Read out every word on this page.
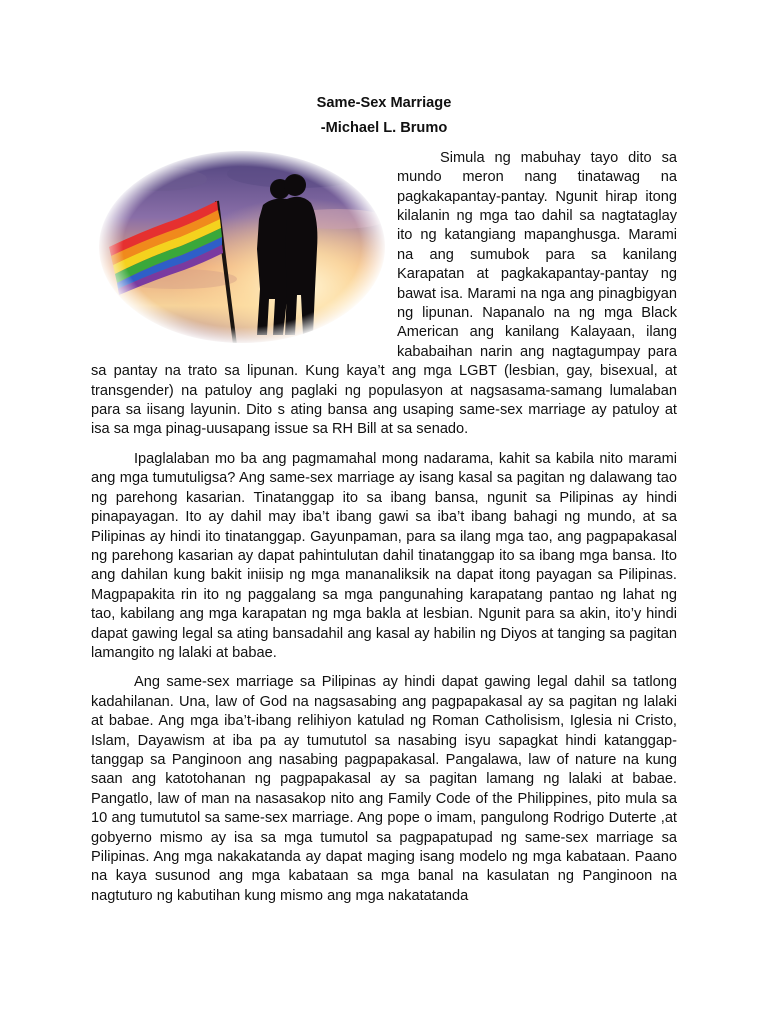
Same-Sex Marriage
-Michael L. Brumo

Simula ng mabuhay tayo dito sa mundo meron nang tinatawag na pagkakapantay-pantay. Ngunit hirap itong kilalanin ng mga tao dahil sa nagtataglay ito ng katangiang mapanghusga. Marami na ang sumubok para sa kanilang Karapatan at pagkakapantay-pantay ng bawat isa. Marami na nga ang pinagbigyan ng lipunan. Napanalo na ng mga Black American ang kanilang Kalayaan, ilang kababaihan narin ang nagtagumpay para sa pantay na trato sa lipunan. Kung kaya’t ang mga LGBT (lesbian, gay, bisexual, at transgender) na patuloy ang paglaki ng populasyon at nagsasama-samang lumalaban para sa iisang layunin. Dito s ating bansa ang usaping same-sex marriage ay patuloy at isa sa mga pinag-uusapang issue sa RH Bill at sa senado.

Ipaglalaban mo ba ang pagmamahal mong nadarama, kahit sa kabila nito marami ang mga tumutuligsa? Ang same-sex marriage ay isang kasal sa pagitan ng dalawang tao ng parehong kasarian. Tinatanggap ito sa ibang bansa, ngunit sa Pilipinas ay hindi pinapayagan. Ito ay dahil may iba’t ibang gawi sa iba’t ibang bahagi ng mundo, at sa Pilipinas ay hindi ito tinatanggap. Gayunpaman, para sa ilang mga tao, ang pagpapakasal ng parehong kasarian ay dapat pahintulutan dahil tinatanggap ito sa ibang mga bansa. Ito ang dahilan kung bakit iniisip ng mga mananaliksik na dapat itong payagan sa Pilipinas. Magpapakita rin ito ng paggalang sa mga pangunahing karapatang pantao ng lahat ng tao, kabilang ang mga karapatan ng mga bakla at lesbian. Ngunit para sa akin, ito’y hindi dapat gawing legal sa ating bansadahil ang kasal ay habilin ng Diyos at tanging sa pagitan lamangito ng lalaki at babae.

Ang same-sex marriage sa Pilipinas ay hindi dapat gawing legal dahil sa tatlong kadahilanan. Una, law of God na nagsasabing ang pagpapakasal ay sa pagitan ng lalaki at babae. Ang mga iba’t-ibang relihiyon katulad ng Roman Catholisism, Iglesia ni Cristo, Islam, Dayawism at iba pa ay tumututol sa nasabing isyu sapagkat hindi katanggap-tanggap sa Panginoon ang nasabing pagpapakasal. Pangalawa, law of nature na kung saan ang katotohanan ng pagpapakasal ay sa pagitan lamang ng lalaki at babae. Pangatlo, law of man na nasasakop nito ang Family Code of the Philippines, pito mula sa 10 ang tumututol sa same-sex marriage. Ang pope o imam, pangulong Rodrigo Duterte ,at gobyerno mismo ay isa sa mga tumutol sa pagpapatupad ng same-sex marriage sa Pilipinas. Ang mga nakakatanda ay dapat maging isang modelo ng mga kabataan. Paano na kaya susunod ang mga kabataan sa mga banal na kasulatan ng Panginoon na nagtuturo ng kabutihan kung mismo ang mga nakatatanda
